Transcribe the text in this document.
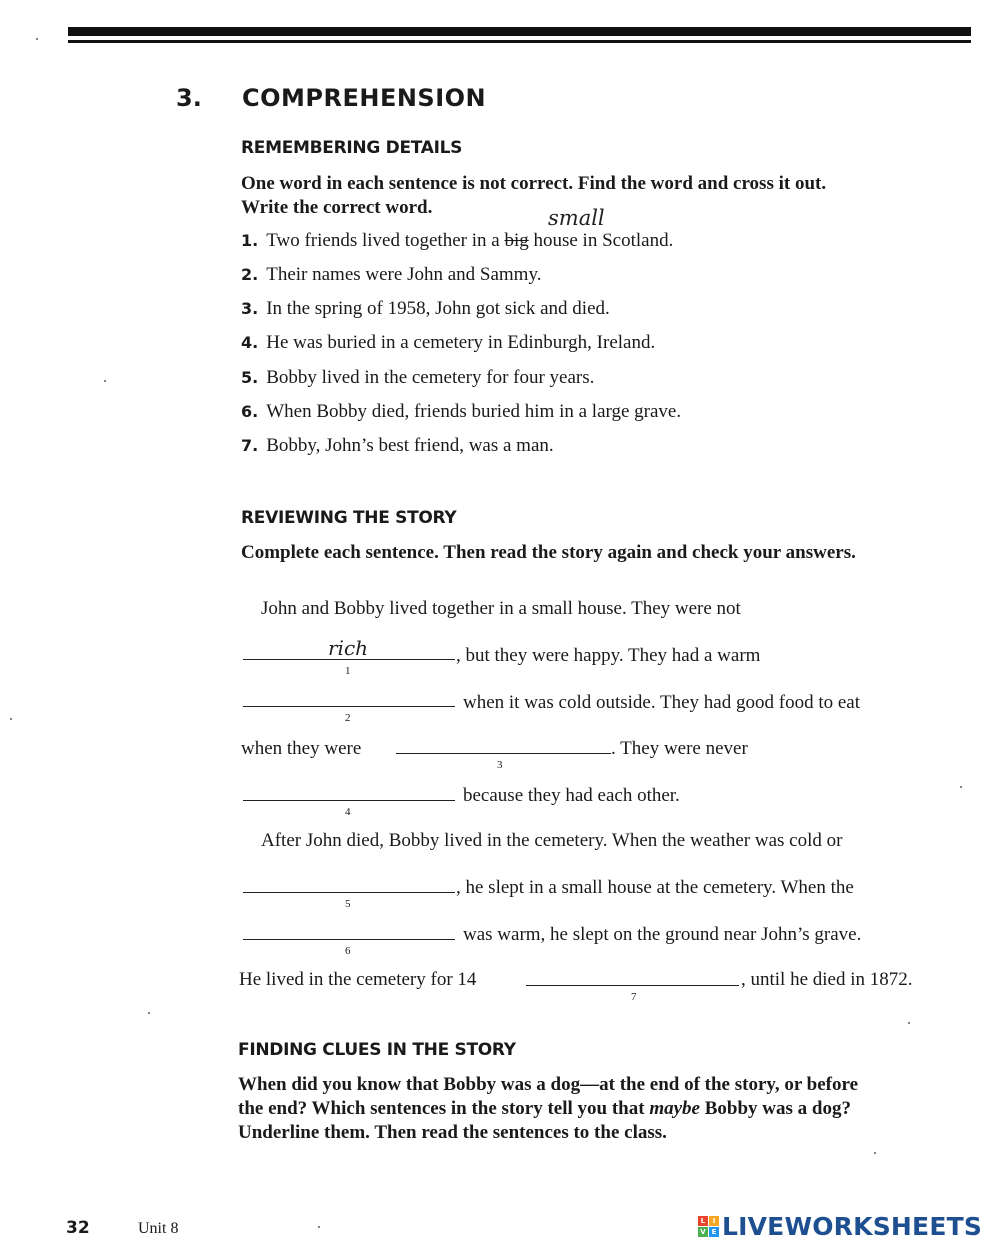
3. COMPREHENSION
REMEMBERING DETAILS
One word in each sentence is not correct. Find the word and cross it out.
Write the correct word.	small
1. Two friends lived together in a big house in Scotland.
2. Their names were John and Sammy.
3. In the spring of 1958, John got sick and died.
4. He was buried in a cemetery in Edinburgh, Ireland.
5. Bobby lived in the cemetery for four years.
6. When Bobby died, friends buried him in a large grave.
7. Bobby, John’s best friend, was a man.
REVIEWING THE STORY
Complete each sentence. Then read the story again and check your answers.
John and Bobby lived together in a small house. They were not
rich
1
, but they were happy. They had a warm
2
when it was cold outside. They had good food to eat
when they were
3
. They were never
4
because they had each other.
After John died, Bobby lived in the cemetery. When the weather was cold or
5
, he slept in a small house at the cemetery. When the
6
was warm, he slept on the ground near John’s grave.
He lived in the cemetery for 14
7
, until he died in 1872.
FINDING CLUES IN THE STORY
When did you know that Bobby was a dog—at the end of the story, or before
the end? Which sentences in the story tell you that maybe Bobby was a dog?
Underline them. Then read the sentences to the class.
32	Unit 8	L	I
V E LIVEWORKSHEETS
